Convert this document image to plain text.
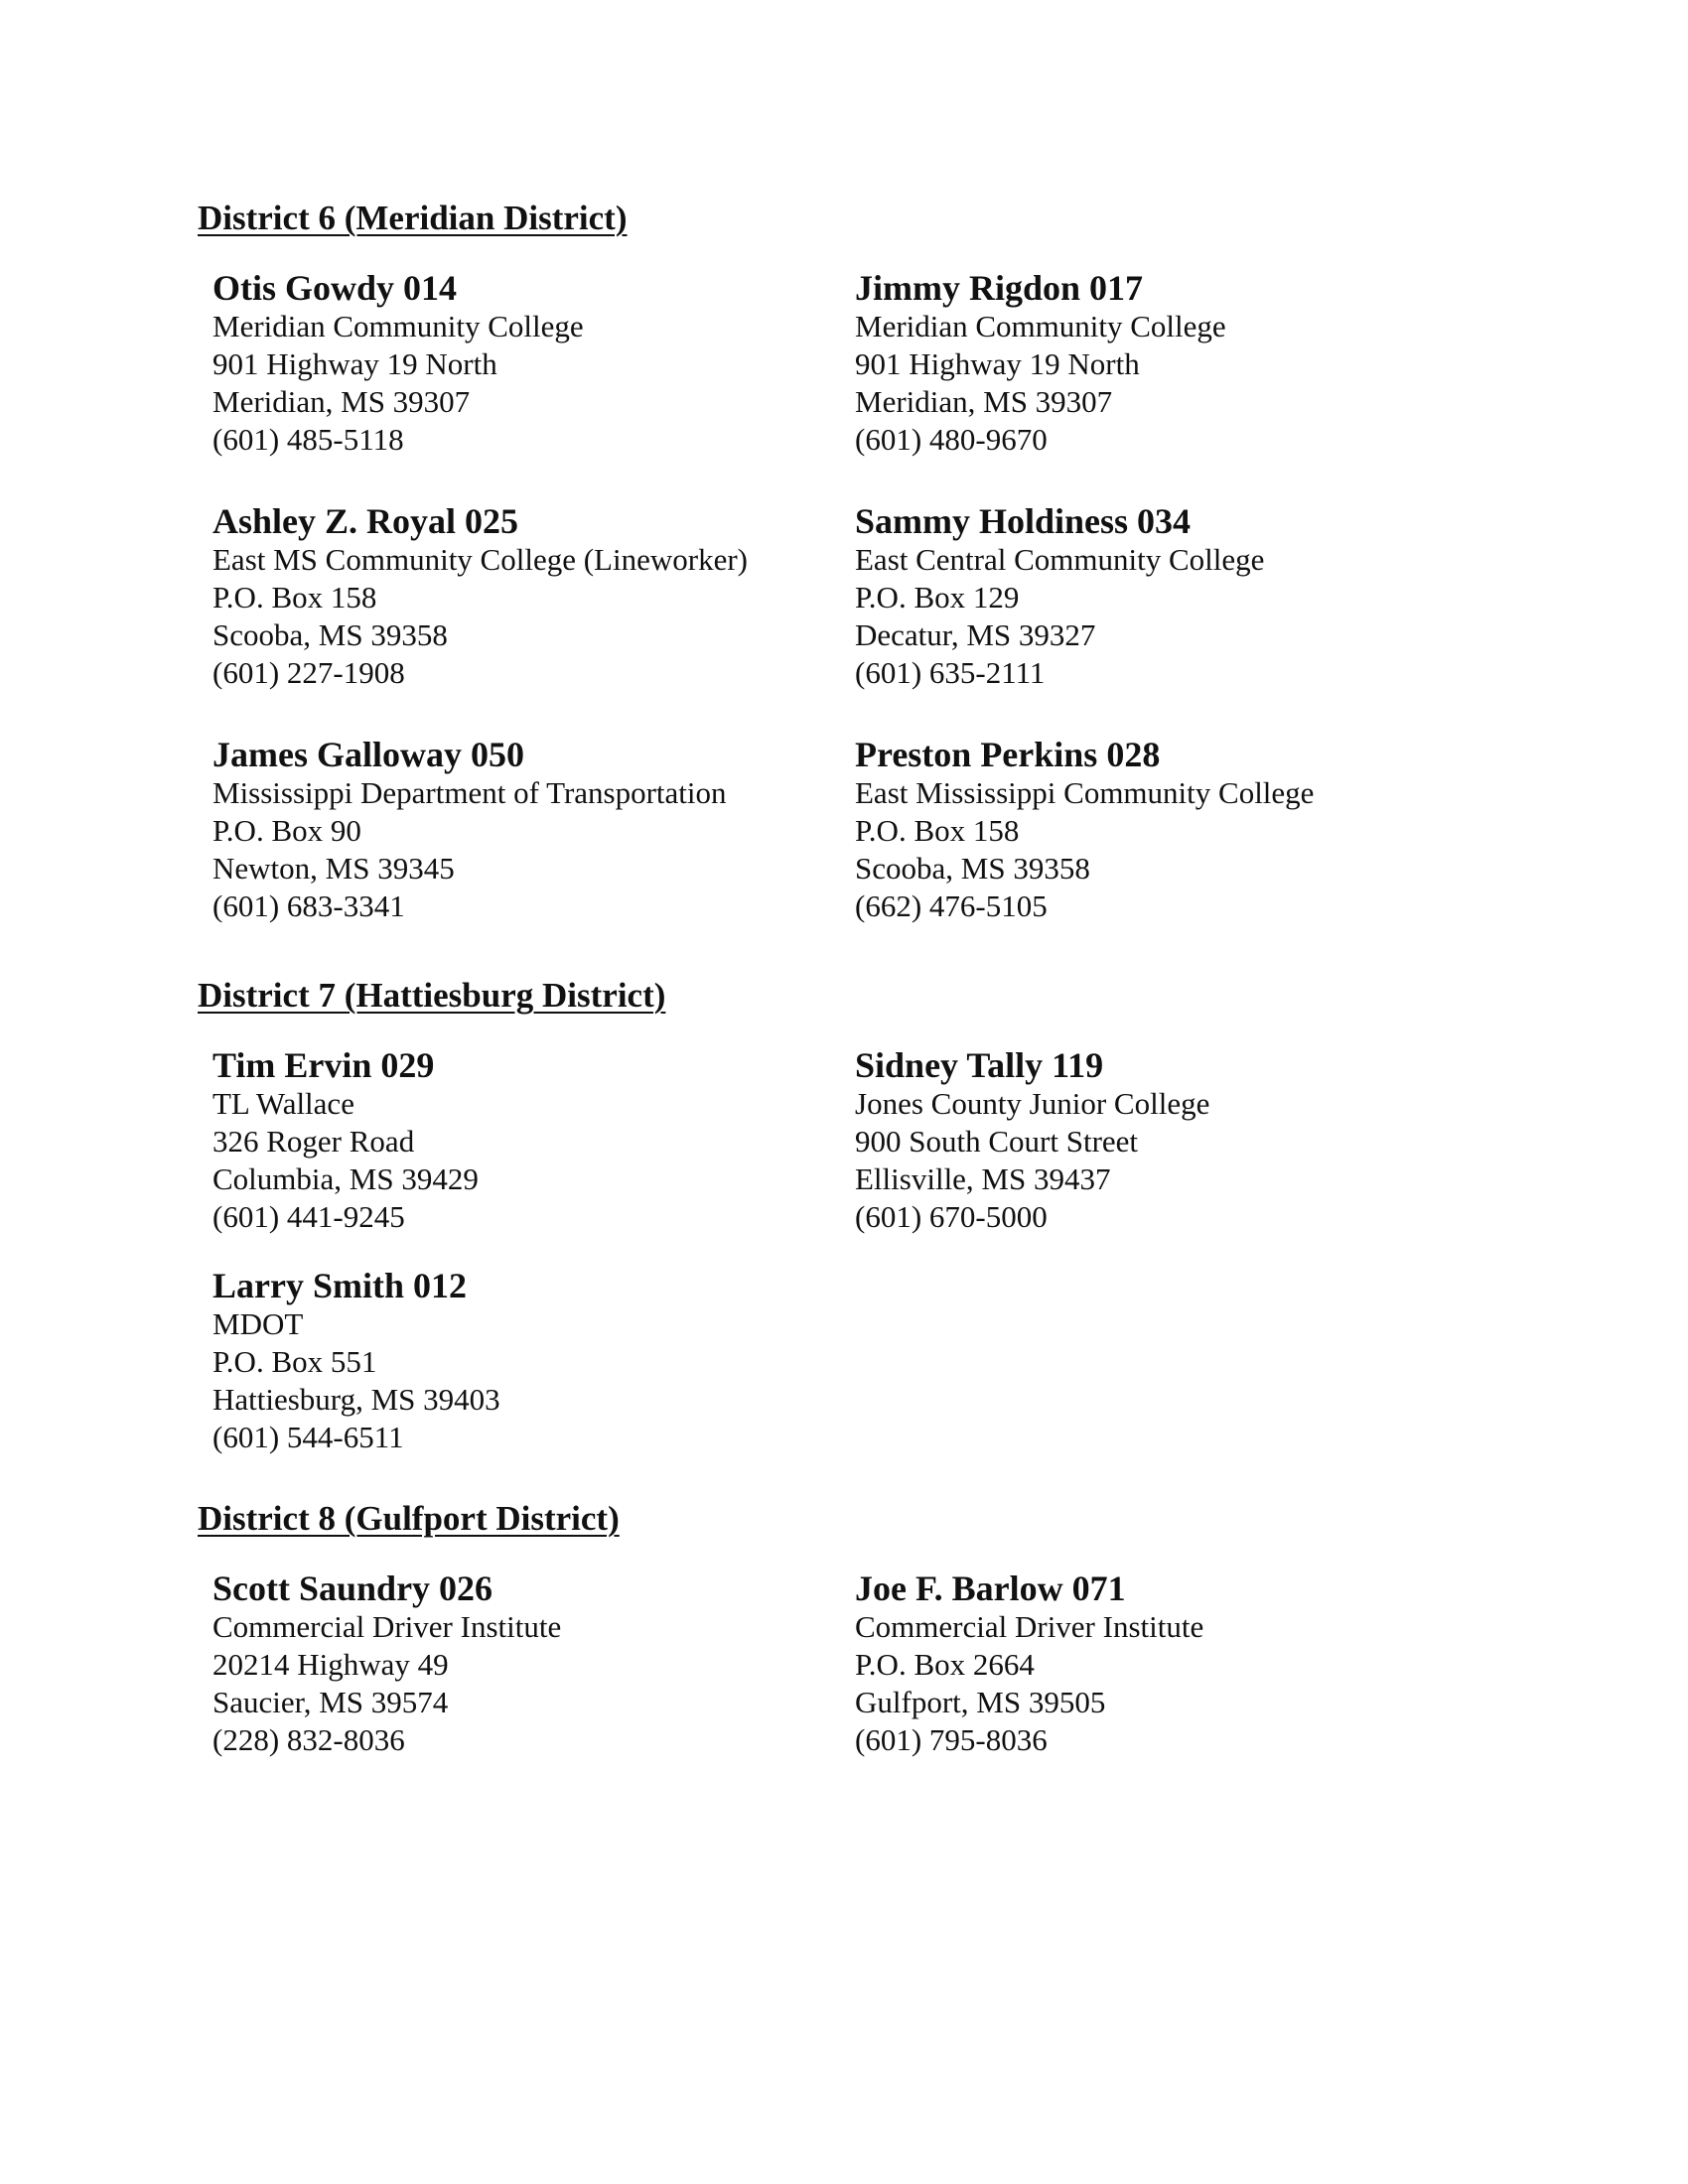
District 6 (Meridian District)
Otis Gowdy 014
Meridian Community College
901 Highway 19 North
Meridian, MS 39307
(601) 485-5118
Jimmy Rigdon 017
Meridian Community College
901 Highway 19 North
Meridian, MS 39307
(601) 480-9670
Ashley Z. Royal 025
East MS Community College (Lineworker)
P.O. Box 158
Scooba, MS 39358
(601) 227-1908
Sammy Holdiness 034
East Central Community College
P.O. Box 129
Decatur, MS 39327
(601) 635-2111
James Galloway 050
Mississippi Department of Transportation
P.O. Box 90
Newton, MS 39345
(601) 683-3341
Preston Perkins 028
East Mississippi Community College
P.O. Box 158
Scooba, MS 39358
(662) 476-5105
District 7 (Hattiesburg District)
Tim Ervin 029
TL Wallace
326 Roger Road
Columbia, MS 39429
(601) 441-9245
Sidney Tally 119
Jones County Junior College
900 South Court Street
Ellisville, MS 39437
(601) 670-5000
Larry Smith 012
MDOT
P.O. Box 551
Hattiesburg, MS 39403
(601) 544-6511
District 8 (Gulfport District)
Scott Saundry 026
Commercial Driver Institute
20214 Highway 49
Saucier, MS 39574
(228) 832-8036
Joe F. Barlow 071
Commercial Driver Institute
P.O. Box 2664
Gulfport, MS 39505
(601) 795-8036
